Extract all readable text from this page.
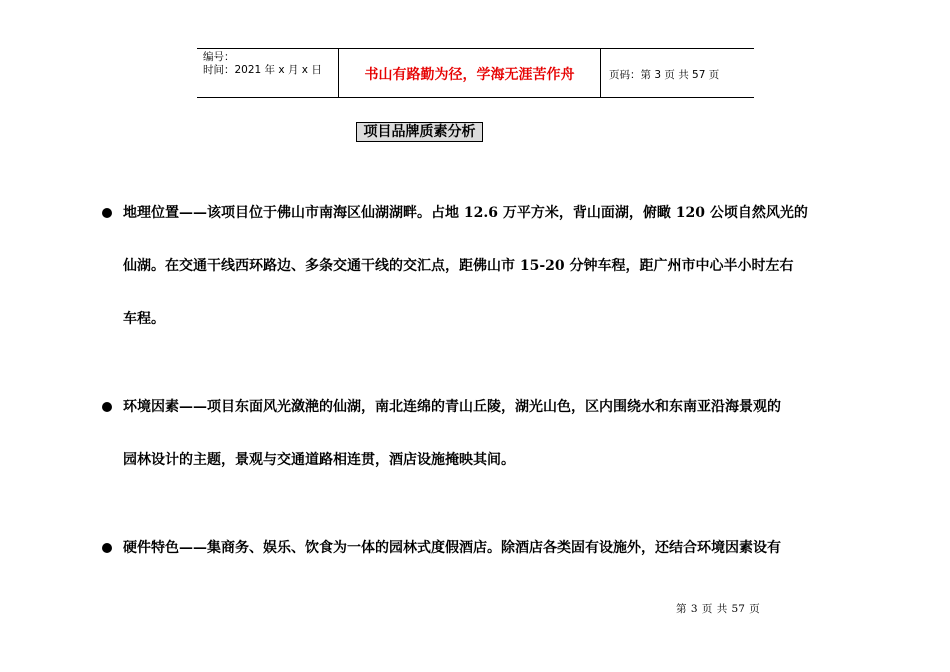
编号：
时间：2021 年 x 月 x 日	书山有路勤为径，学海无涯苦作舟	页码：第 3 页 共 57 页
项目品牌质素分析
地理位置——该项目位于佛山市南海区仙湖湖畔。占地 12.6 万平方米，背山面湖，俯瞰 120 公顷自然风光的
仙湖。在交通干线西环路边、多条交通干线的交汇点，距佛山市 15-20 分钟车程，距广州市中心半小时左右
车程。
环境因素——项目东面风光潋滟的仙湖，南北连绵的青山丘陵，湖光山色，区内围绕水和东南亚沿海景观的
园林设计的主题，景观与交通道路相连贯，酒店设施掩映其间。
硬件特色——集商务、娱乐、饮食为一体的园林式度假酒店。除酒店各类固有设施外，还结合环境因素设有
第 3 页 共 57 页
